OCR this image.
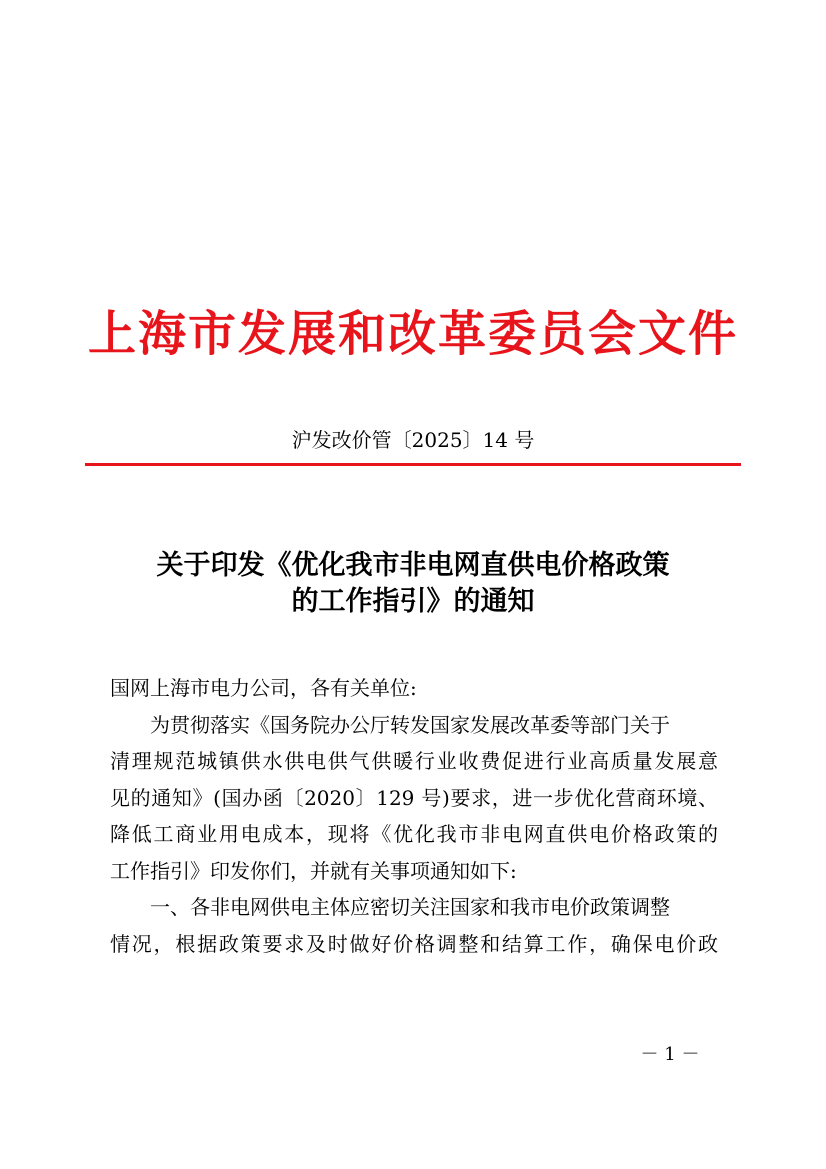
上海市发展和改革委员会文件
沪发改价管〔2025〕14 号
关于印发《优化我市非电网直供电价格政策
的工作指引》的通知
国网上海市电力公司，各有关单位:
　　为贯彻落实《国务院办公厅转发国家发展改革委等部门关于
清理规范城镇供水供电供气供暖行业收费促进行业高质量发展意
见的通知》(国办函〔2020〕129 号)要求，进一步优化营商环境、
降低工商业用电成本，现将《优化我市非电网直供电价格政策的
工作指引》印发你们，并就有关事项通知如下:
　　一、各非电网供电主体应密切关注国家和我市电价政策调整
情况，根据政策要求及时做好价格调整和结算工作，确保电价政
－ 1 －
